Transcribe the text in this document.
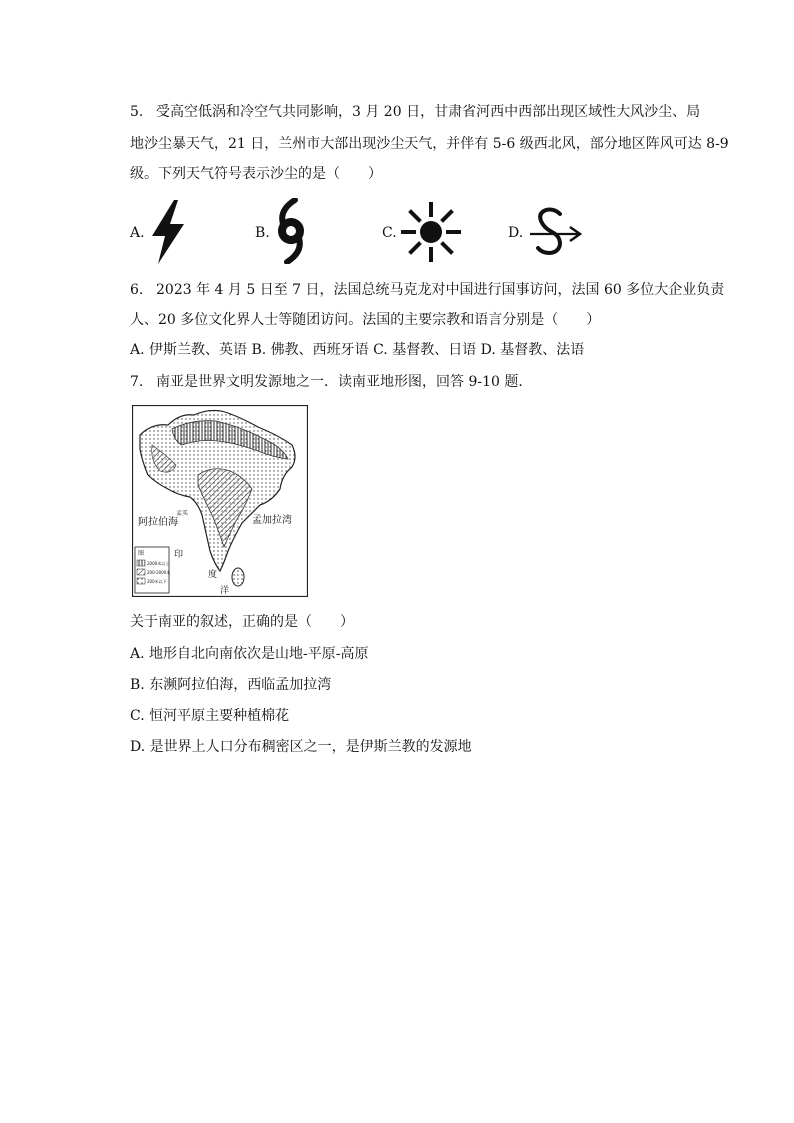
5. 受高空低涡和冷空气共同影响，3 月 20 日，甘肃省河西中西部出现区域性大风沙尘、局
地沙尘暴天气，21 日，兰州市大部出现沙尘天气，并伴有 5-6 级西北风，部分地区阵风可达 8-9
级。下列天气符号表示沙尘的是（　　）
A.	B.	C.	D.
6. 2023 年 4 月 5 日至 7 日，法国总统马克龙对中国进行国事访问，法国 60 多位大企业负责
人、20 多位文化界人士等随团访问。法国的主要宗教和语言分别是（　　）
A. 伊斯兰教、英语 B. 佛教、西班牙语 C. 基督教、日语 D. 基督教、法语
7. 南亚是世界文明发源地之一．读南亚地形图，回答 9-10 题．
孟买
阿拉伯海	孟加拉湾
印
度
洋
图
2000米以上
200-2000米
200米以下
关于南亚的叙述，正确的是（　　）
A. 地形自北向南依次是山地-平原-高原
B. 东濒阿拉伯海，西临孟加拉湾
C. 恒河平原主要种植棉花
D. 是世界上人口分布稠密区之一，是伊斯兰教的发源地
